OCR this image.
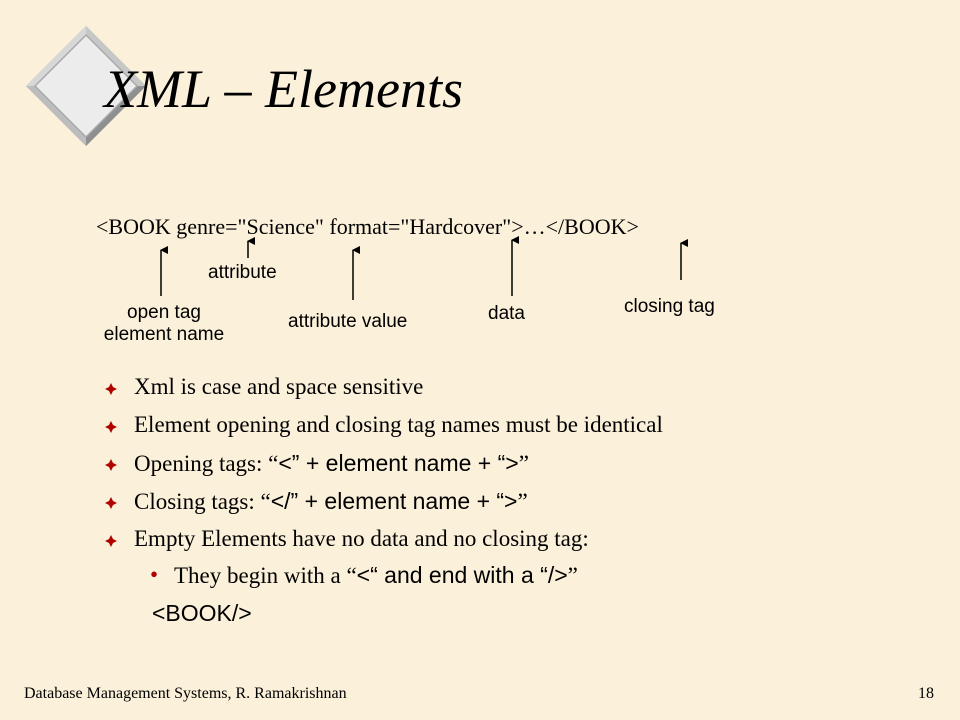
XML – Elements
<BOOK genre="Science" format="Hardcover">…</BOOK>
attribute
open tag
element name
attribute value	data	closing tag
Xml is case and space sensitive
Element opening and closing tag names must be identical
Opening tags: “<” + element name + “>”
Closing tags: “</” + element name + “>”
Empty Elements have no data and no closing tag:
• They begin with a “<“ and end with a “/>”
<BOOK/>
Database Management Systems, R. Ramakrishnan	18
